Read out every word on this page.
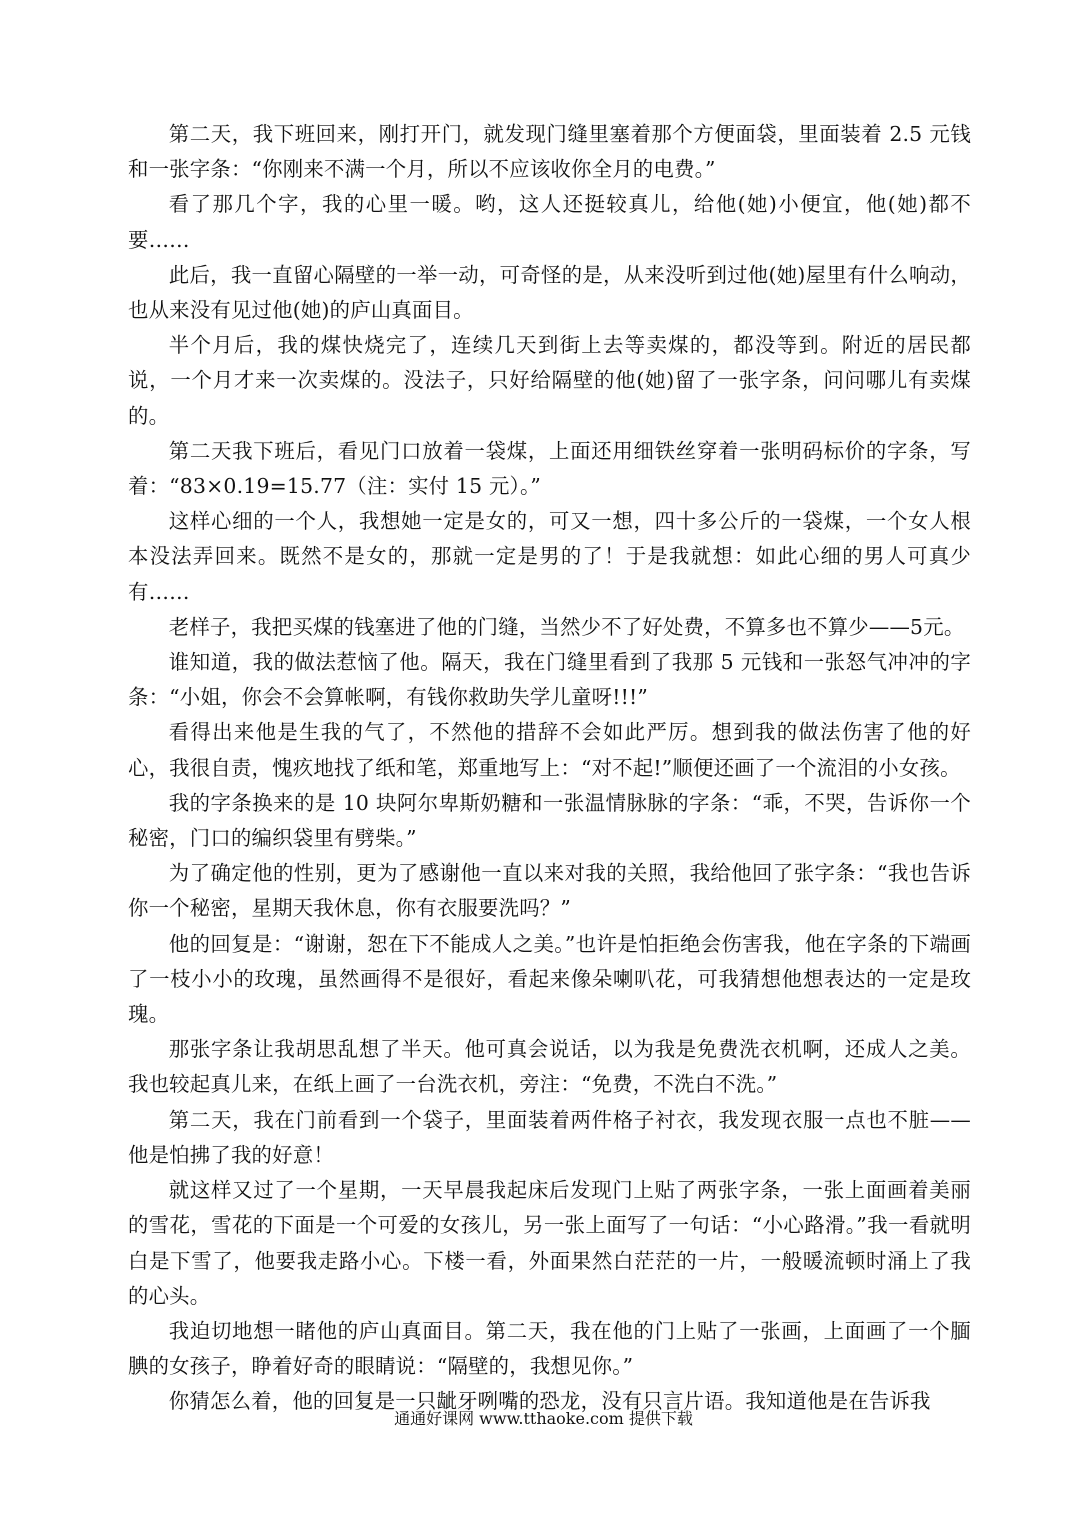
第二天，我下班回来，刚打开门，就发现门缝里塞着那个方便面袋，里面装着 2.5 元钱和一张字条：“你刚来不满一个月，所以不应该收你全月的电费。”

看了那几个字，我的心里一暖。哟，这人还挺较真儿，给他(她)小便宜，他(她)都不要……

此后，我一直留心隔壁的一举一动，可奇怪的是，从来没听到过他(她)屋里有什么响动，也从来没有见过他(她)的庐山真面目。

半个月后，我的煤快烧完了，连续几天到街上去等卖煤的，都没等到。附近的居民都说，一个月才来一次卖煤的。没法子，只好给隔壁的他(她)留了一张字条，问问哪儿有卖煤的。

第二天我下班后，看见门口放着一袋煤，上面还用细铁丝穿着一张明码标价的字条，写着：“83×0.19=15.77（注：实付 15 元）。”

这样心细的一个人，我想她一定是女的，可又一想，四十多公斤的一袋煤，一个女人根本没法弄回来。既然不是女的，那就一定是男的了！于是我就想：如此心细的男人可真少有……

老样子，我把买煤的钱塞进了他的门缝，当然少不了好处费，不算多也不算少——5元。

谁知道，我的做法惹恼了他。隔天，我在门缝里看到了我那 5 元钱和一张怒气冲冲的字条：“小姐，你会不会算帐啊，有钱你救助失学儿童呀!!!”

看得出来他是生我的气了，不然他的措辞不会如此严厉。想到我的做法伤害了他的好心，我很自责，愧疚地找了纸和笔，郑重地写上：“对不起!”顺便还画了一个流泪的小女孩。

我的字条换来的是 10 块阿尔卑斯奶糖和一张温情脉脉的字条：“乖，不哭，告诉你一个秘密，门口的编织袋里有劈柴。”

为了确定他的性别，更为了感谢他一直以来对我的关照，我给他回了张字条：“我也告诉你一个秘密，星期天我休息，你有衣服要洗吗？”

他的回复是：“谢谢，恕在下不能成人之美。”也许是怕拒绝会伤害我，他在字条的下端画了一枝小小的玫瑰，虽然画得不是很好，看起来像朵喇叭花，可我猜想他想表达的一定是玫瑰。

那张字条让我胡思乱想了半天。他可真会说话，以为我是免费洗衣机啊，还成人之美。我也较起真儿来，在纸上画了一台洗衣机，旁注：“免费，不洗白不洗。”

第二天，我在门前看到一个袋子，里面装着两件格子衬衣，我发现衣服一点也不脏——他是怕拂了我的好意！

就这样又过了一个星期，一天早晨我起床后发现门上贴了两张字条，一张上面画着美丽的雪花，雪花的下面是一个可爱的女孩儿，另一张上面写了一句话：“小心路滑。”我一看就明白是下雪了，他要我走路小心。下楼一看，外面果然白茫茫的一片，一般暖流顿时涌上了我的心头。

我迫切地想一睹他的庐山真面目。第二天，我在他的门上贴了一张画，上面画了一个腼腆的女孩子，睁着好奇的眼睛说：“隔壁的，我想见你。”

你猜怎么着，他的回复是一只龇牙咧嘴的恐龙，没有只言片语。我知道他是在告诉我

通通好课网 www.tthaoke.com 提供下载
